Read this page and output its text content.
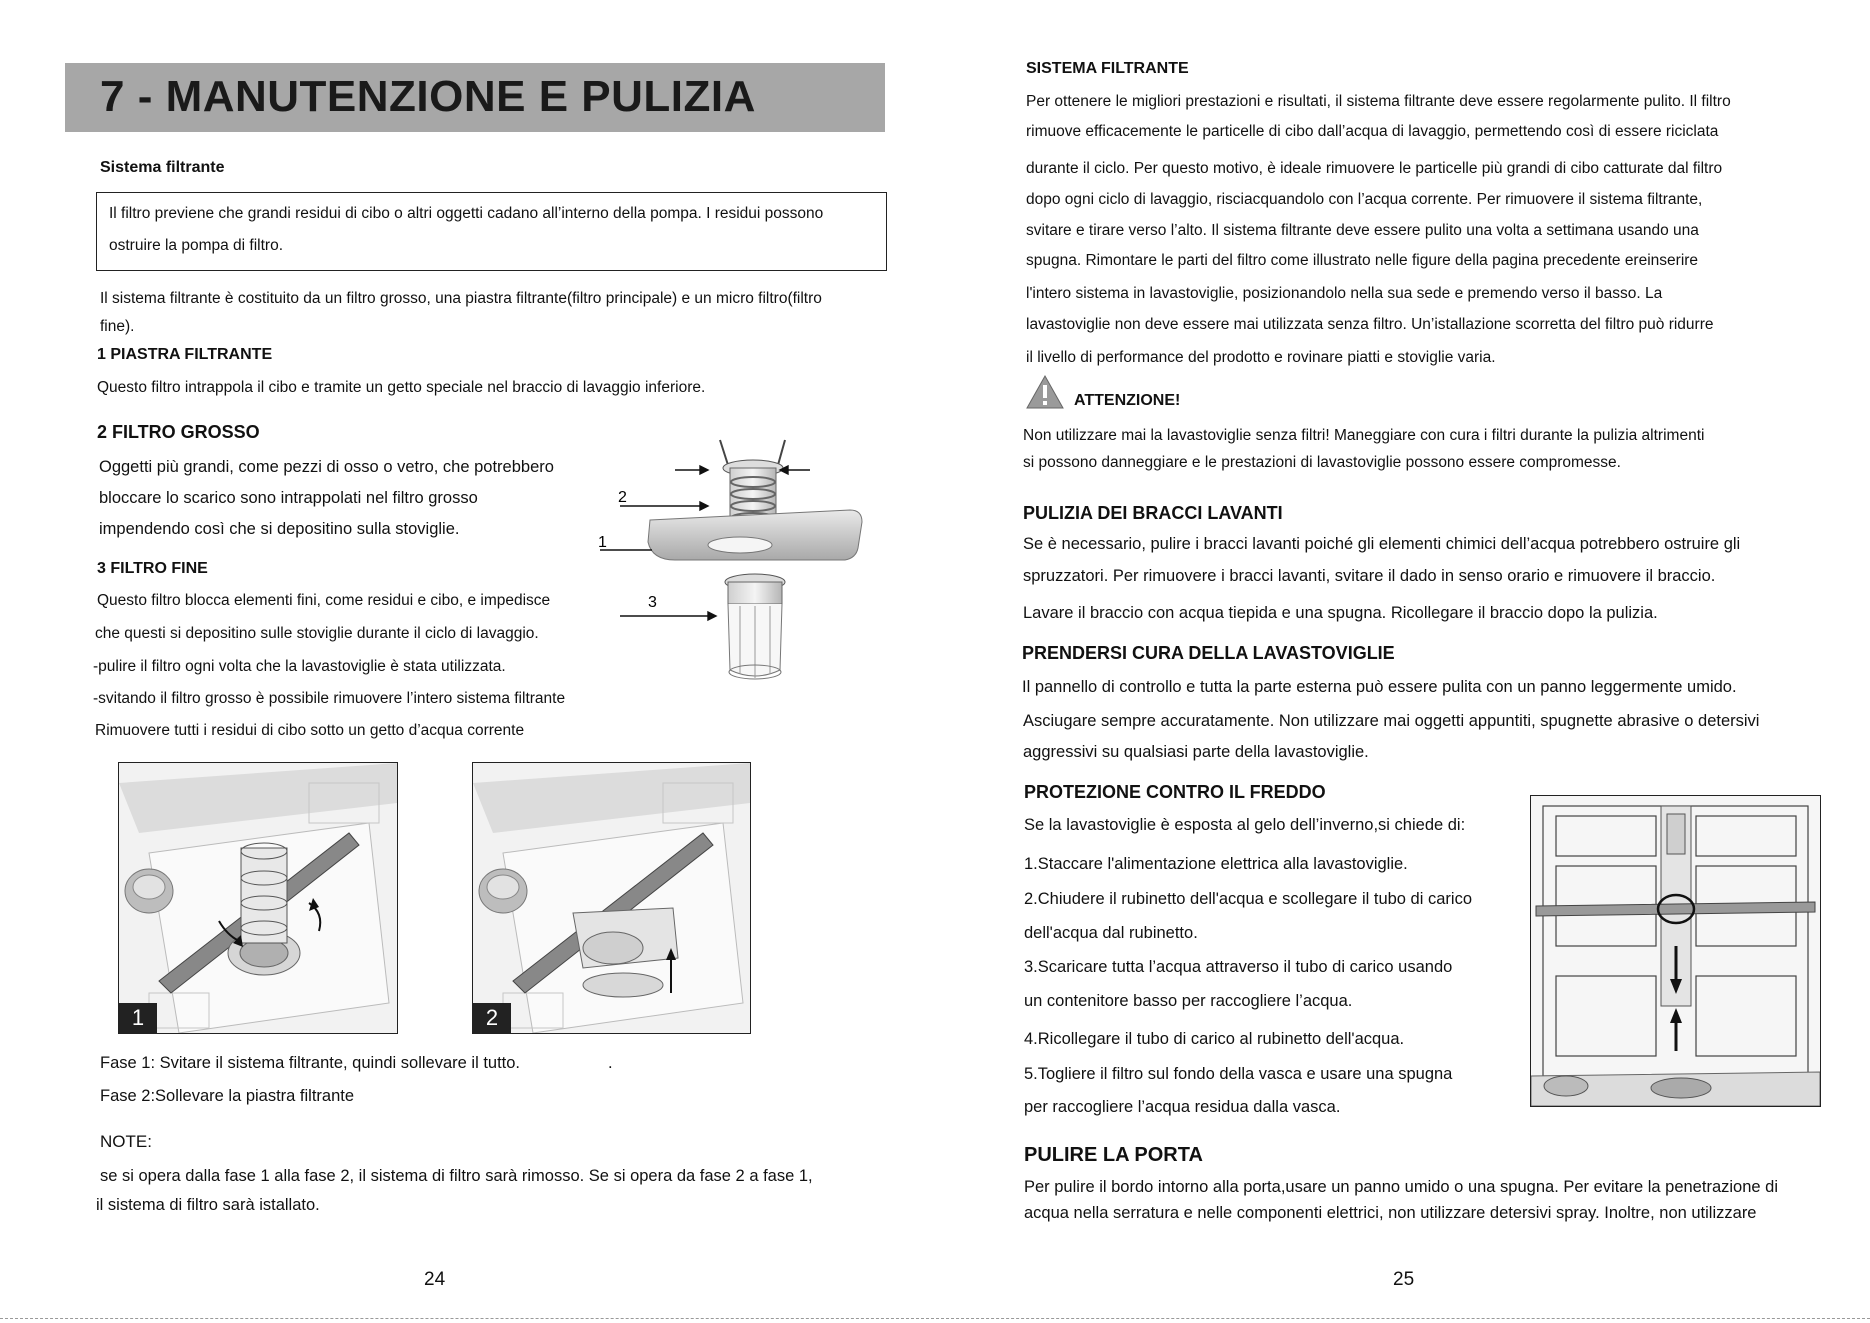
7 - MANUTENZIONE E PULIZIA
Sistema filtrante

Il filtro previene che grandi residui di cibo o altri oggetti cadano all’interno della pompa. I residui possono

ostruire la pompa di filtro.

Il sistema filtrante è costituito da un filtro grosso, una piastra filtrante(filtro principale) e un micro filtro(filtro

fine).

1 PIASTRA FILTRANTE

Questo filtro intrappola il cibo e tramite un getto speciale nel braccio di lavaggio inferiore.

2 FILTRO GROSSO

Oggetti più grandi, come pezzi di osso o vetro, che potrebbero

bloccare lo scarico sono intrappolati nel filtro grosso

impendendo così che si depositino sulla stoviglie.

3 FILTRO FINE

Questo filtro blocca elementi fini, come residui e cibo, e impedisce

che questi si depositino sulle stoviglie durante il ciclo di lavaggio.

-pulire il filtro ogni volta che la lavastoviglie è stata utilizzata.

-svitando il filtro grosso è possibile rimuovere l’intero sistema filtrante

Rimuovere tutti i residui di cibo sotto un getto d’acqua corrente

2
1
3
1	2

Fase 1: Svitare il sistema filtrante, quindi sollevare il tutto.	.

Fase 2:Sollevare la piastra filtrante

NOTE:

se si opera dalla fase 1 alla fase 2, il sistema di filtro sarà rimosso. Se si opera da fase 2 a fase 1,

il sistema di filtro sarà istallato.

24
SISTEMA FILTRANTE

Per ottenere le migliori prestazioni e risultati, il sistema filtrante deve essere regolarmente pulito. Il filtro

rimuove efficacemente le particelle di cibo dall’acqua di lavaggio, permettendo così di essere riciclata

durante il ciclo. Per questo motivo, è ideale rimuovere le particelle più grandi di cibo catturate dal filtro

dopo ogni ciclo di lavaggio, risciacquandolo con l’acqua corrente. Per rimuovere il sistema filtrante,

svitare e tirare verso l’alto. Il sistema filtrante deve essere pulito una volta a settimana usando una

spugna. Rimontare le parti del filtro come illustrato nelle figure della pagina precedente ereinserire

l'intero sistema in lavastoviglie, posizionandolo nella sua sede e premendo verso il basso. La

lavastoviglie non deve essere mai utilizzata senza filtro. Un’istallazione scorretta del filtro può ridurre

il livello di performance del prodotto e rovinare piatti e stoviglie varia.

ATTENZIONE!

Non utilizzare mai la lavastoviglie senza filtri! Maneggiare con cura i filtri durante la pulizia altrimenti

si possono danneggiare e le prestazioni di lavastoviglie possono essere compromesse.

PULIZIA DEI BRACCI LAVANTI

Se è necessario, pulire i bracci lavanti poiché gli elementi chimici dell’acqua potrebbero ostruire gli

spruzzatori. Per rimuovere i bracci lavanti, svitare il dado in senso orario e rimuovere il braccio.

Lavare il braccio con acqua tiepida e una spugna. Ricollegare il braccio dopo la pulizia.

PRENDERSI CURA DELLA LAVASTOVIGLIE

Il pannello di controllo e tutta la parte esterna può essere pulita con un panno leggermente umido.

Asciugare sempre accuratamente. Non utilizzare mai oggetti appuntiti, spugnette abrasive o detersivi

aggressivi su qualsiasi parte della lavastoviglie.

PROTEZIONE CONTRO IL FREDDO

Se la lavastoviglie è esposta al gelo dell’inverno,si chiede di:

1.Staccare l'alimentazione elettrica alla lavastoviglie.

2.Chiudere il rubinetto dell'acqua e scollegare il tubo di carico

dell'acqua dal rubinetto.

3.Scaricare tutta l’acqua attraverso il tubo di carico usando

un contenitore basso per raccogliere l’acqua.

4.Ricollegare il tubo di carico al rubinetto dell'acqua.

5.Togliere il filtro sul fondo della vasca e usare una spugna

per raccogliere l’acqua residua dalla vasca.

PULIRE LA PORTA

Per pulire il bordo intorno alla porta,usare un panno umido o una spugna. Per evitare la penetrazione di

acqua nella serratura e nelle componenti elettrici, non utilizzare detersivi spray. Inoltre, non utilizzare

25
